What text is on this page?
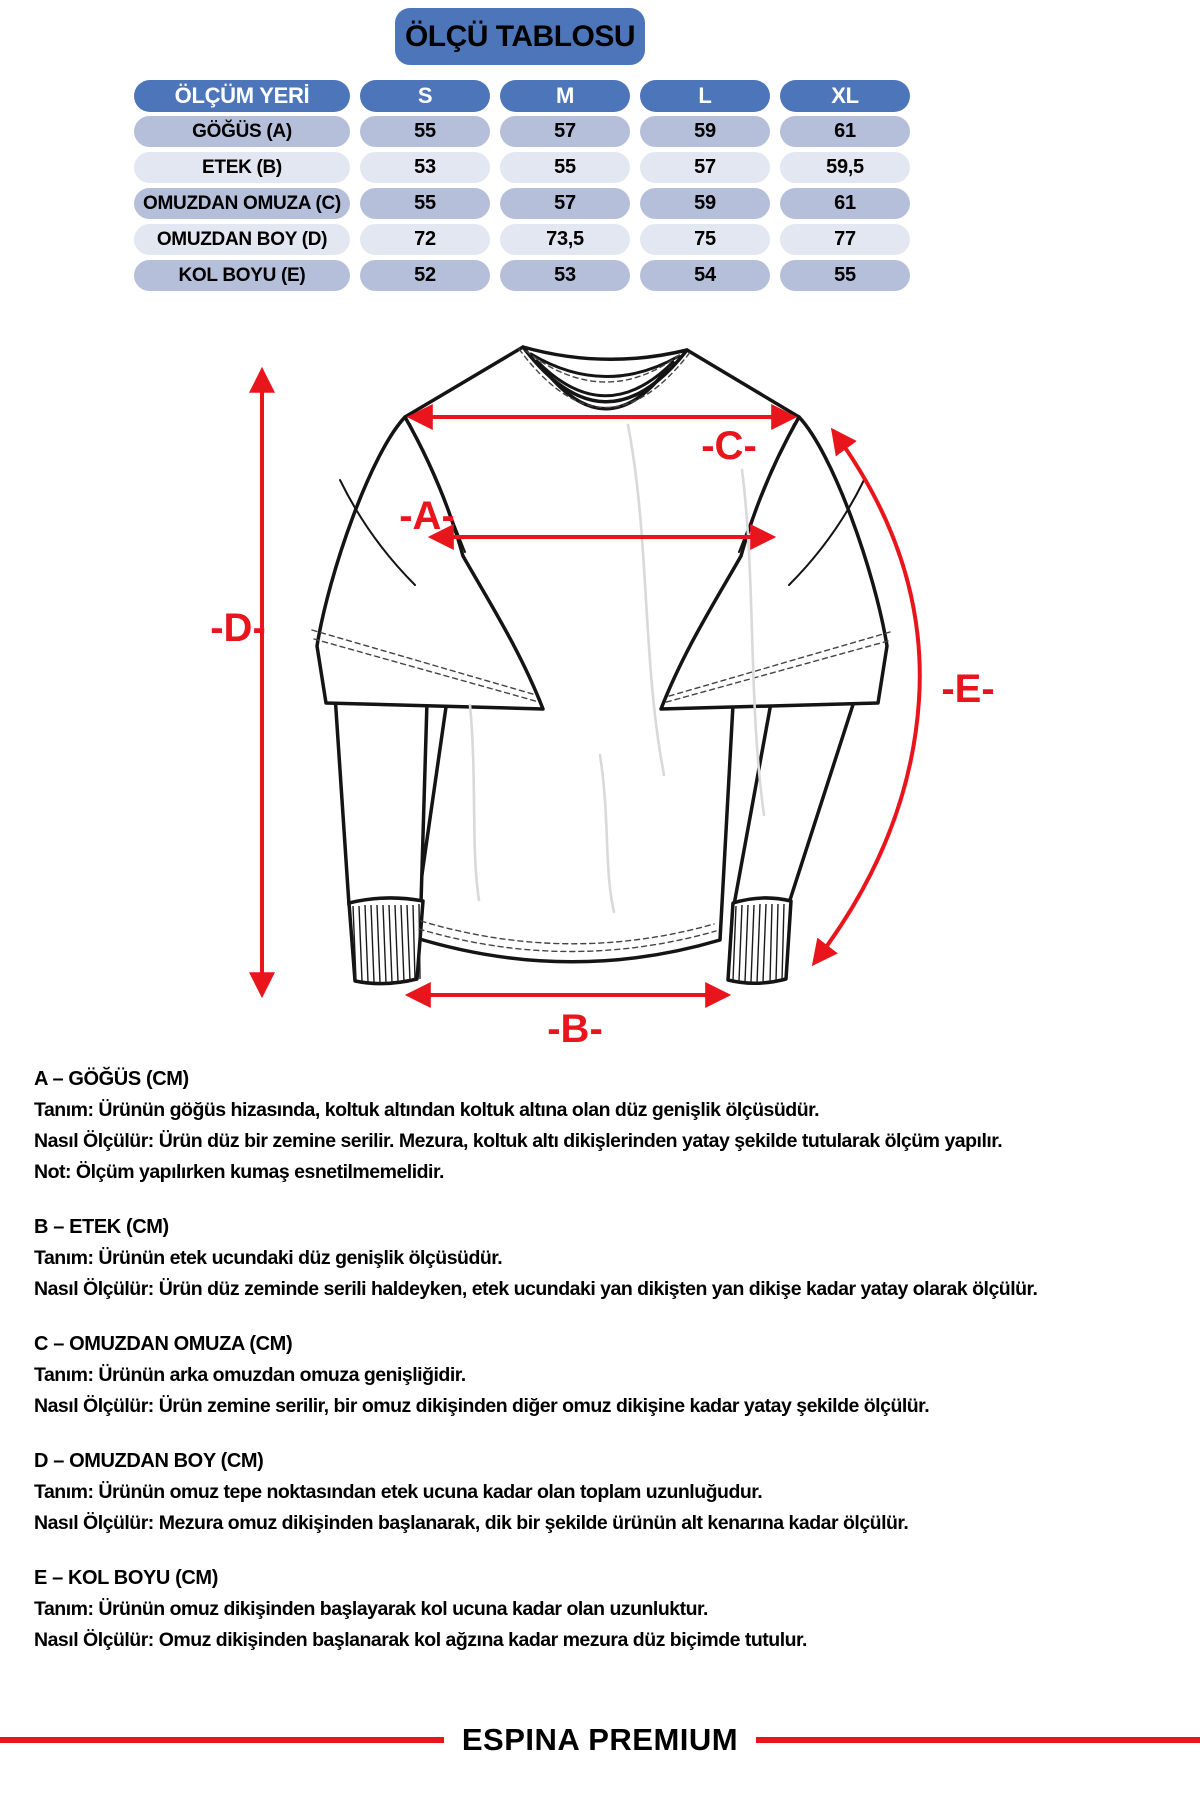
ÖLÇÜ TABLOSU
ÖLÇÜM YERİ	S	M	L	XL
GÖĞÜS (A)	55	57	59	61
ETEK (B)	53	55	57	59,5
OMUZDAN OMUZA (C)	55	57	59	61
OMUZDAN BOY (D)	72	73,5	75	77
KOL BOYU (E)	52	53	54	55
-C-
-A-
-D-
-E-
-B-
A – GÖĞÜS (CM)
Tanım: Ürünün göğüs hizasında, koltuk altından koltuk altına olan düz genişlik ölçüsüdür.
Nasıl Ölçülür: Ürün düz bir zemine serilir. Mezura, koltuk altı dikişlerinden yatay şekilde tutularak ölçüm yapılır.
Not: Ölçüm yapılırken kumaş esnetilmemelidir.
B – ETEK (CM)
Tanım: Ürünün etek ucundaki düz genişlik ölçüsüdür.
Nasıl Ölçülür: Ürün düz zeminde serili haldeyken, etek ucundaki yan dikişten yan dikişe kadar yatay olarak ölçülür.
C – OMUZDAN OMUZA (CM)
Tanım: Ürünün arka omuzdan omuza genişliğidir.
Nasıl Ölçülür: Ürün zemine serilir, bir omuz dikişinden diğer omuz dikişine kadar yatay şekilde ölçülür.
D – OMUZDAN BOY (CM)
Tanım: Ürünün omuz tepe noktasından etek ucuna kadar olan toplam uzunluğudur.
Nasıl Ölçülür: Mezura omuz dikişinden başlanarak, dik bir şekilde ürünün alt kenarına kadar ölçülür.
E – KOL BOYU (CM)
Tanım: Ürünün omuz dikişinden başlayarak kol ucuna kadar olan uzunluktur.
Nasıl Ölçülür: Omuz dikişinden başlanarak kol ağzına kadar mezura düz biçimde tutulur.
ESPINA PREMIUM
